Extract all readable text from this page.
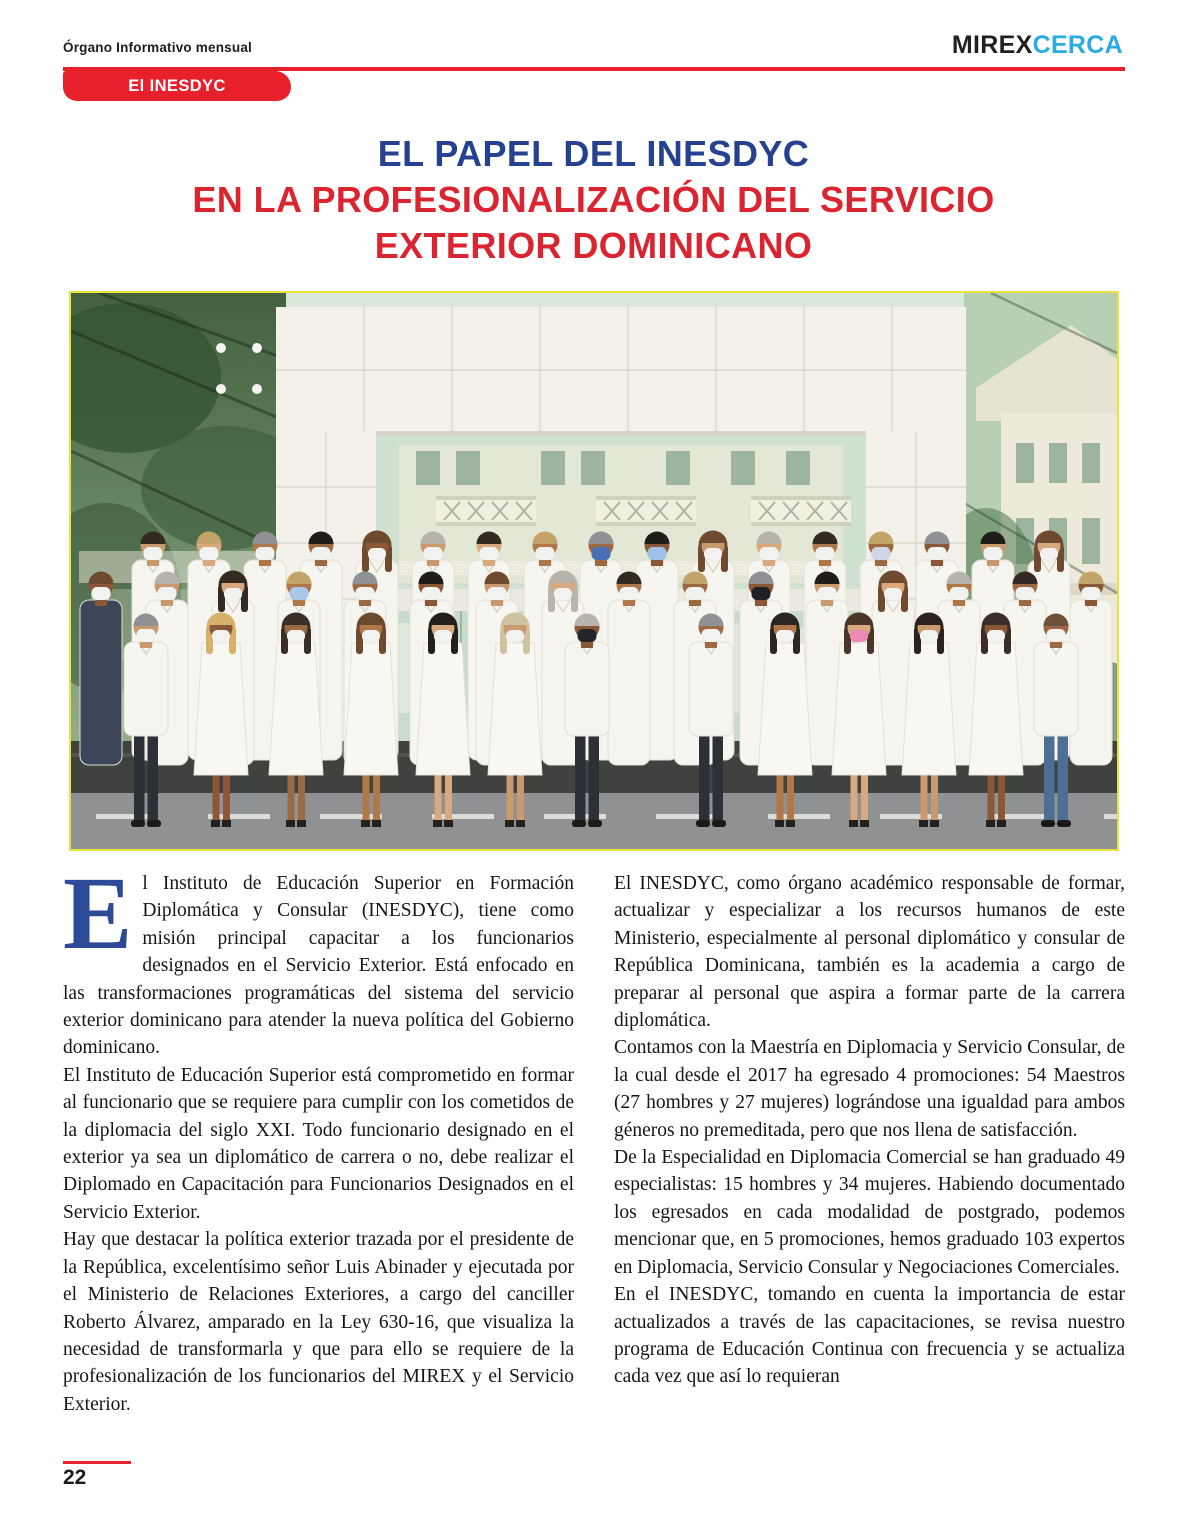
Órgano Informativo mensual	MIREXCERCA
El INESDYC
EL PAPEL DEL INESDYC
EN LA PROFESIONALIZACIÓN DEL SERVICIO
EXTERIOR DOMINICANO

El Instituto de Educación Superior en Formación Diplomática y Consular (INESDYC), tiene como misión principal capacitar a los funcionarios designados en el Servicio Exterior. Está enfocado en las transformaciones programáticas del sistema del servicio exterior dominicano para atender la nueva política del Gobierno dominicano.

El Instituto de Educación Superior está comprometido en formar al funcionario que se requiere para cumplir con los cometidos de la diplomacia del siglo XXI. Todo funcionario designado en el exterior ya sea un diplomático de carrera o no, debe realizar el Diplomado en Capacitación para Funcionarios Designados en el Servicio Exterior.

Hay que destacar la política exterior trazada por el presidente de la República, excelentísimo señor Luis Abinader y ejecutada por el Ministerio de Relaciones Exteriores, a cargo del canciller Roberto Álvarez, amparado en la Ley 630-16, que visualiza la necesidad de transformarla y que para ello se requiere de la profesionalización de los funcionarios del MIREX y el Servicio Exterior.

El INESDYC, como órgano académico responsable de formar, actualizar y especializar a los recursos humanos de este Ministerio, especialmente al personal diplomático y consular de República Dominicana, también es la academia a cargo de preparar al personal que aspira a formar parte de la carrera diplomática.

Contamos con la Maestría en Diplomacia y Servicio Consular, de la cual desde el 2017 ha egresado 4 promociones: 54 Maestros (27 hombres y 27 mujeres) lográndose una igualdad para ambos géneros no premeditada, pero que nos llena de satisfacción.

De la Especialidad en Diplomacia Comercial se han graduado 49 especialistas: 15 hombres y 34 mujeres. Habiendo documentado los egresados en cada modalidad de postgrado, podemos mencionar que, en 5 promociones, hemos graduado 103 expertos en Diplomacia, Servicio Consular y Negociaciones Comerciales.

En el INESDYC, tomando en cuenta la importancia de estar actualizados a través de las capacitaciones, se revisa nuestro programa de Educación Continua con frecuencia y se actualiza cada vez que así lo requieran

22
